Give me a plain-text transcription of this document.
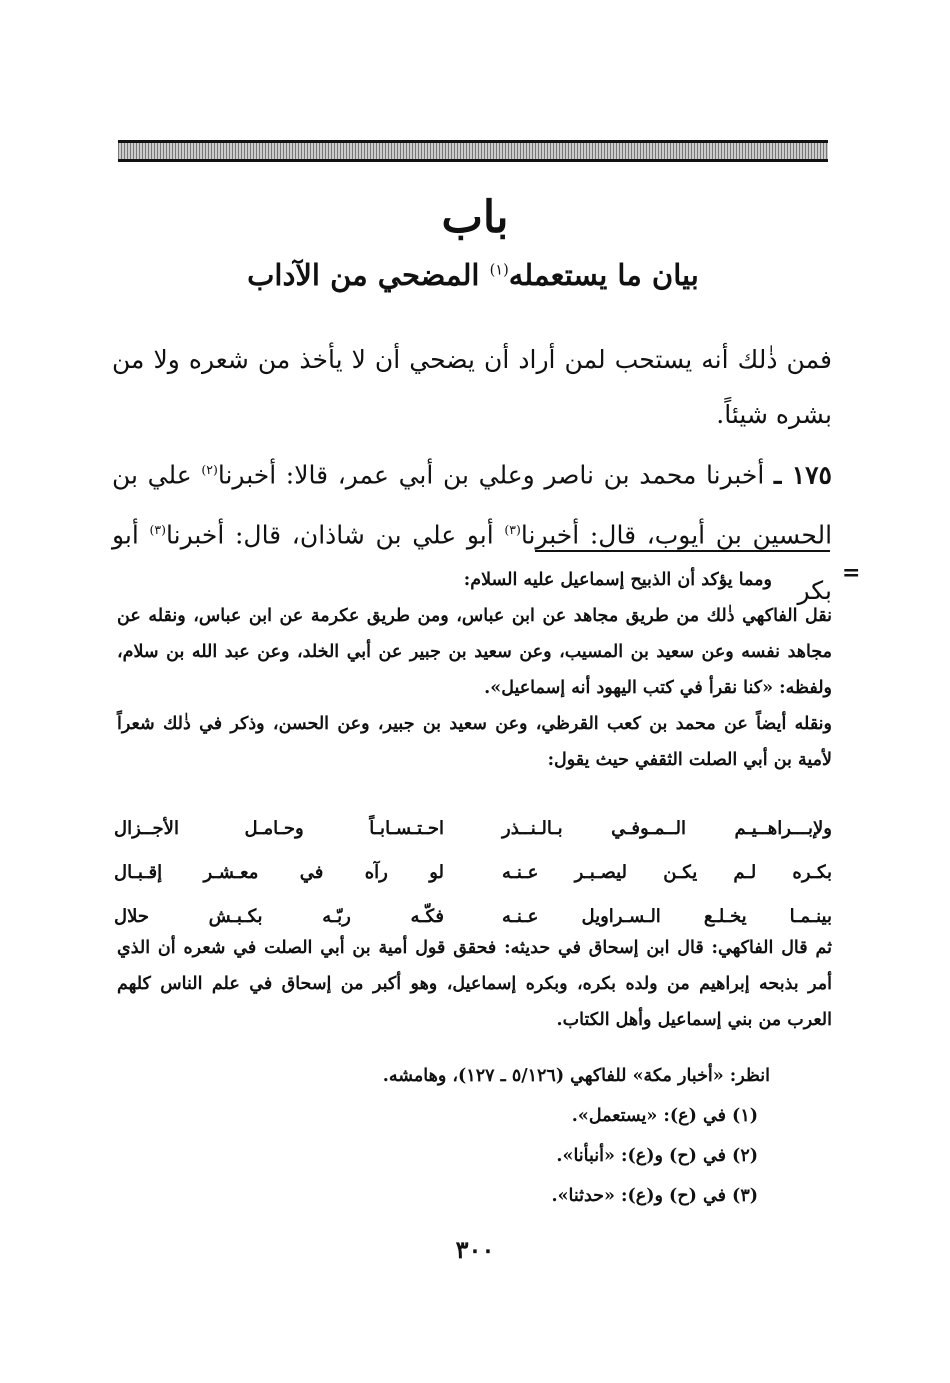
باب
بيان ما يستعمله$^{(١)}$ المضحي من الآداب
فمن ذٰلك أنه يستحب لمن أراد أن يضحي أن لا يأخذ من شعره ولا من بشره شيئاً.
١٧٥ ـ أخبرنا محمد بن ناصر وعلي بن أبي عمر، قالا: أخبرنا$^{(٢)}$ علي بن الحسين بن أيوب، قال: أخبرنا$^{(٣)}$ أبو علي بن شاذان، قال: أخبرنا$^{(٣)}$ أبو بكر
=

ومما يؤكد أن الذبيح إسماعيل عليه السلام:

نقل الفاكهي ذٰلك من طريق مجاهد عن ابن عباس، ومن طريق عكرمة عن ابن عباس، ونقله عن مجاهد نفسه وعن سعيد بن المسيب، وعن سعيد بن جبير عن أبي الخلد، وعن عبد الله بن سلام، ولفظه: «كنا نقرأ في كتب اليهود أنه إسماعيل».

ونقله أيضاً عن محمد بن كعب القرظي، وعن سعيد بن جبير، وعن الحسن، وذكر في ذٰلك شعراً لأمية بن أبي الصلت الثقفي حيث يقول:

ولإبـــراهــيـم الــمـوفـي بـالـنــذر
احـتـسـابـاً وحـامـل الأجــزال
بكـره لـم يكـن ليصـبـر عـنـه
لو رآه في معـشـر إقـبـال
بينـمـا يخـلـع الـسـراويل عـنـه
فكّـه ربّـه بكـبـش حلال

ثم قال الفاكهي: قال ابن إسحاق في حديثه: فحقق قول أمية بن أبي الصلت في شعره أن الذي أمر بذبحه إبراهيم من ولده بكره، وبكره إسماعيل، وهو أكبر من إسحاق في علم الناس كلهم العرب من بني إسماعيل وأهل الكتاب.

انظر: «أخبار مكة» للفاكهي (٥/١٢٦ ـ ١٢٧)، وهامشه.

(١) في (ع): «يستعمل».

(٢) في (ح) و(ع): «أنبأنا».

(٣) في (ح) و(ع): «حدثنا».

٣٠٠
